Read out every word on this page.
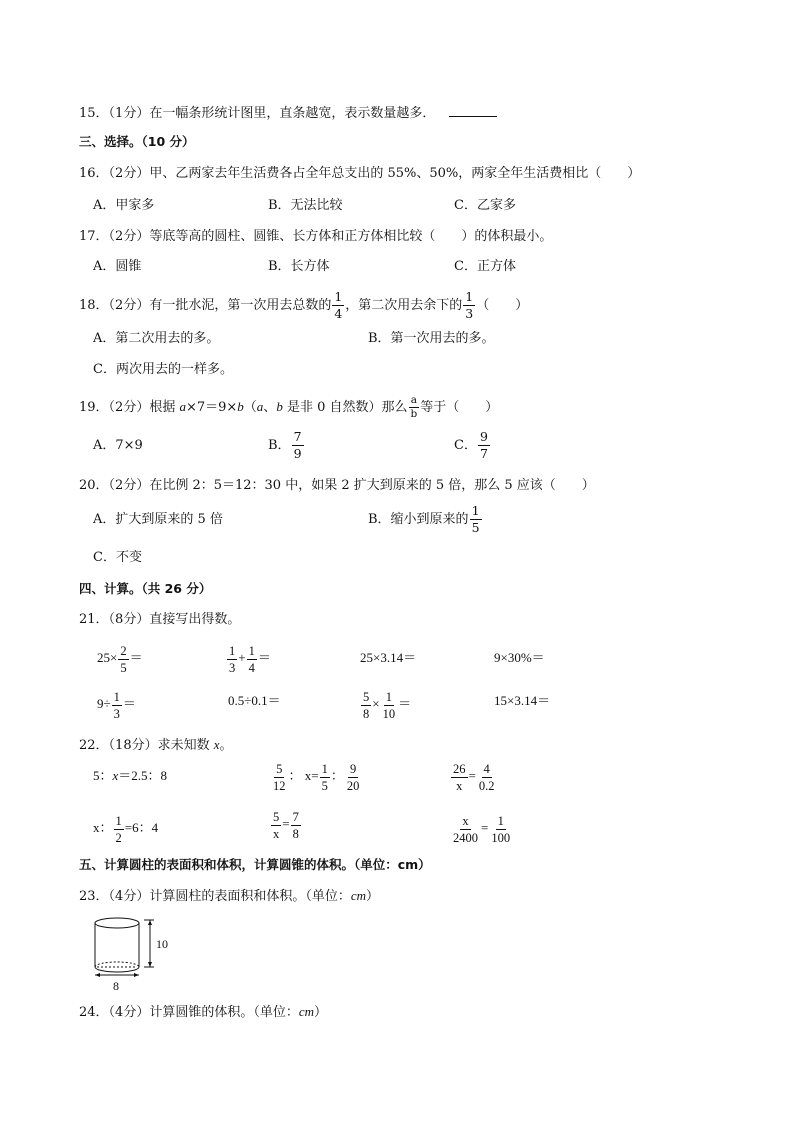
15．（1分）在一幅条形统计图里，直条越宽，表示数量越多．
三、选择。（10 分）
16．（2分）甲、乙两家去年生活费各占全年总支出的 55%、50%，两家全年生活费相比（　　）
A．甲家多	B．无法比较	C．乙家多
17．（2分）等底等高的圆柱、圆锥、长方体和正方体相比较（　　）的体积最小。
A．圆锥	B．长方体	C．正方体
18．（2分）有一批水泥，第一次用去总数的 $\frac{1}{4}$ ，第二次用去余下的 $\frac{1}{3}$ （　　）
A．第二次用去的多。	B．第一次用去的多。
C．两次用去的一样多。
19．（2分）根据 a×7＝9×b（a、b 是非 0 自然数）那么 $\frac{a}{b}$ 等于（　　）
A．7×9	B． $\frac{7}{9}$	C． $\frac{9}{7}$
20．（2分）在比例 2：5＝12：30 中，如果 2 扩大到原来的 5 倍，那么 5 应该（　　）
A．扩大到原来的 5 倍	B．缩小到原来的 $\frac{1}{5}$
C．不变
四、计算。（共 26 分）
21．（8分）直接写出得数。
$25\times \frac{2}{5}$ ＝	$\frac{1}{3} + \frac{1}{4}$ ＝	25×3.14＝	9×30%＝
$9\div \frac{1}{3}$ ＝	0.5÷0.1＝	$\frac{5}{8} \times \frac{1}{10}$ ＝	15×3.14＝
22．（18分）求未知数 x。
5：x＝2.5：8	$\frac{5}{12}$ ： $x= \frac{1}{5}$ ： $\frac{9}{20}$	$\frac{26}{x} = \frac{4}{0.2}$
x： $\frac{1}{2} =6$：4	$\frac{5}{x} = \frac{7}{8}$	$\frac{x}{2400} = \frac{1}{100}$
五、计算圆柱的表面积和体积，计算圆锥的体积。（单位：cm）
23．（4分）计算圆柱的表面积和体积。（单位：cm）
10
8
24．（4分）计算圆锥的体积。（单位：cm）
